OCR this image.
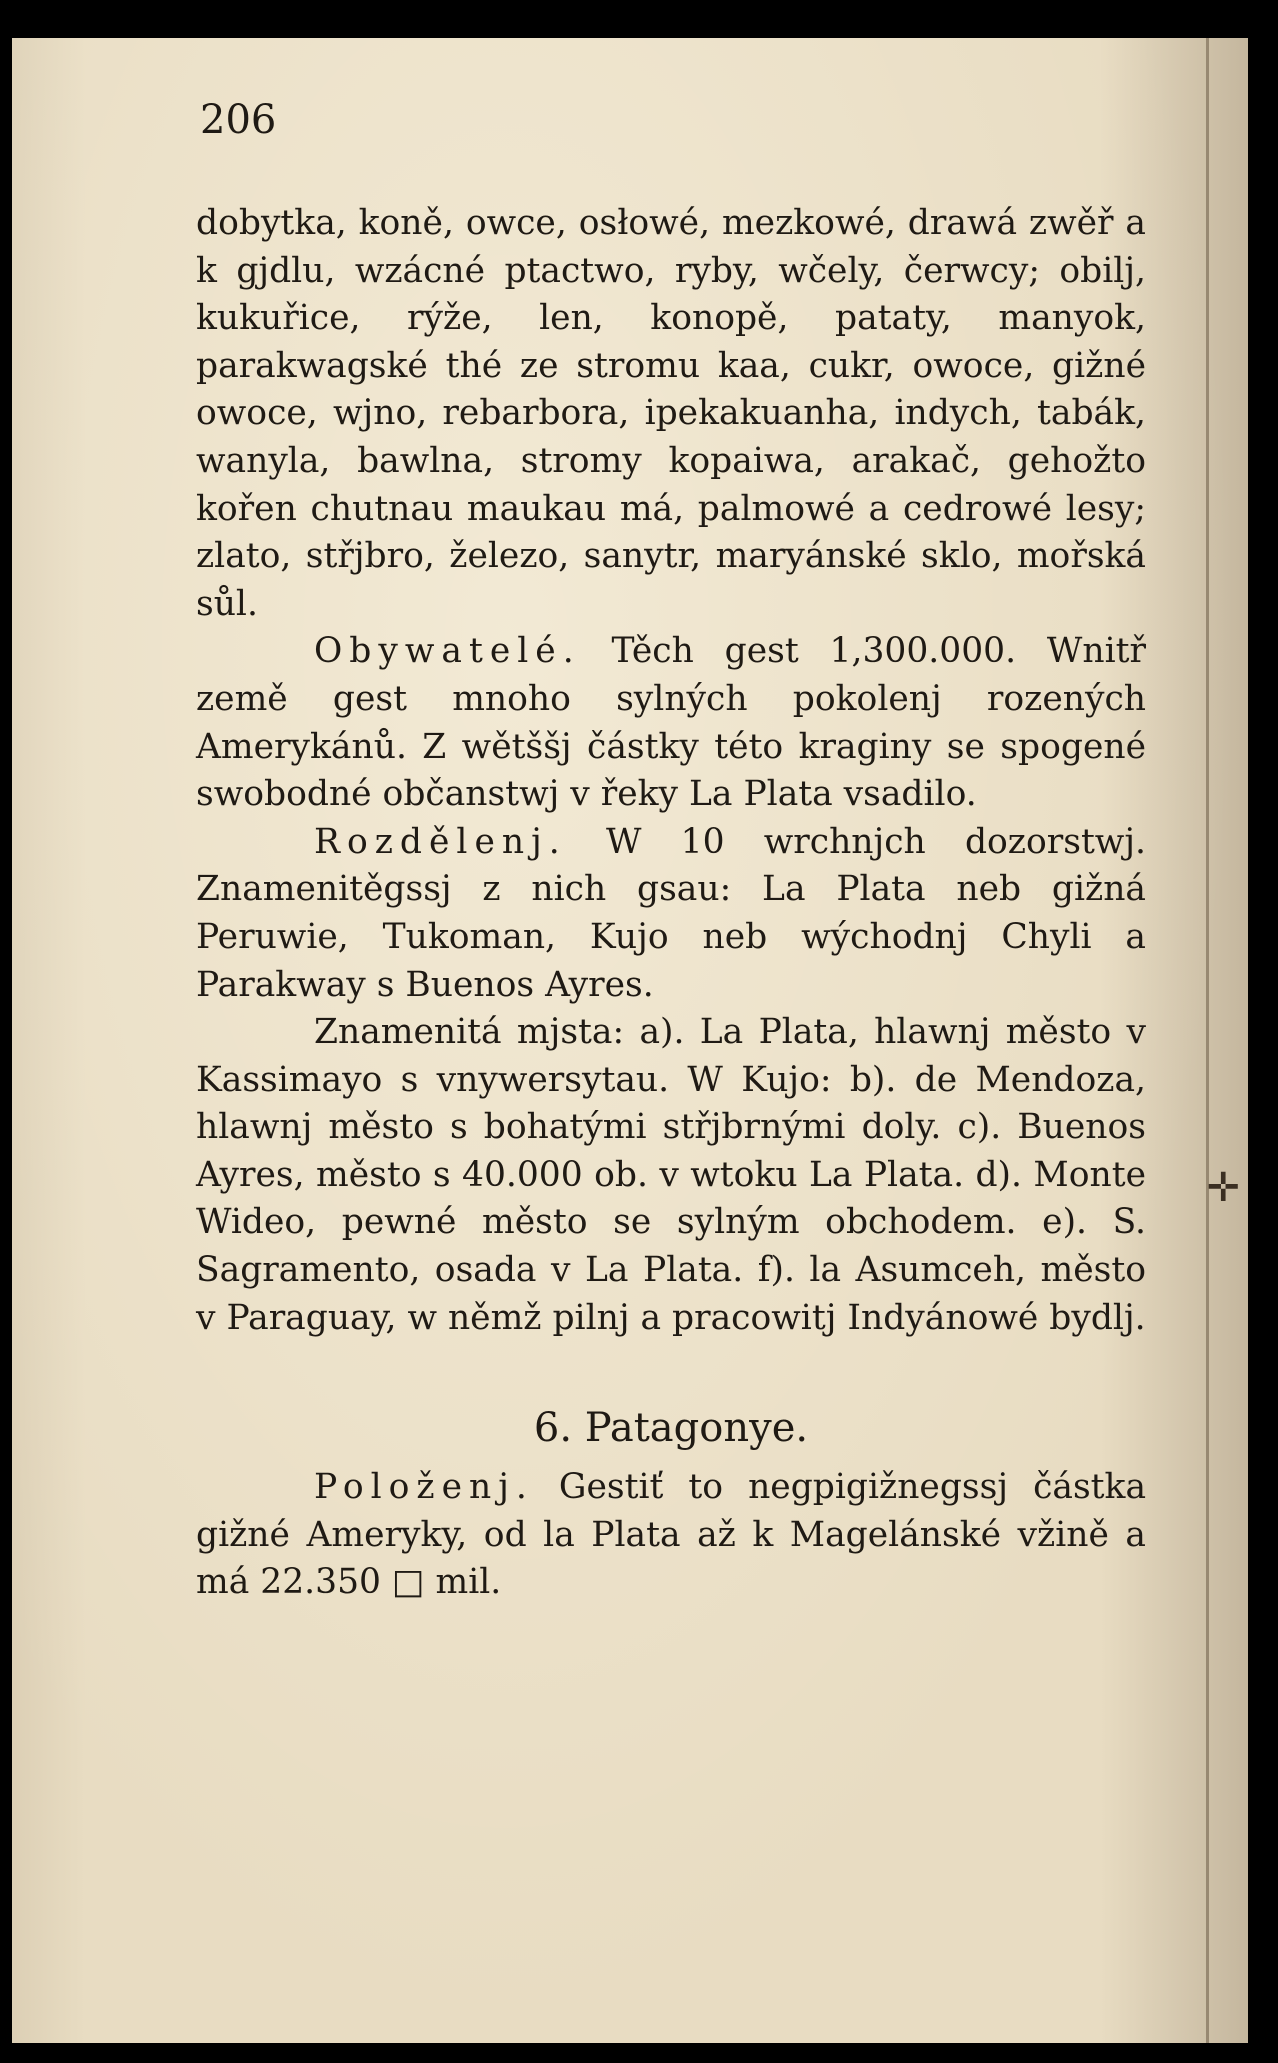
✛
206

dobytka, koně, owce, osłowé, mezkowé, drawá zwěř a k gjdlu, wzácné ptactwo, ryby, wčely, čerwcy; obilj, kukuřice, rýže, len, konopě, pataty, manyok, parakwagské thé ze stromu kaa, cukr, owoce, gižné owoce, wjno, rebarbora, ipekakuanha, indych, tabák, wanyla, bawlna, stromy kopaiwa, arakač, gehožto kořen chutnau maukau má, palmowé a cedrowé lesy; zlato, střjbro, železo, sanytr, maryánské sklo, mořská sůl.

Obywatelé. Těch gest 1,300.000. Wnitř země gest mnoho sylných pokolenj rozených Amerykánů. Z wětššj částky této kraginy se spogené swobodné občanstwj v řeky La Plata vsadilo.

Rozdělenj. W 10 wrchnjch dozorstwj. Znamenitěgssj z nich gsau: La Plata neb gižná Peruwie, Tukoman, Kujo neb wýchodnj Chyli a Parakway s Buenos Ayres.

Znamenitá mjsta: a). La Plata, hlawnj město v Kassimayo s vnywersytau. W Kujo: b). de Mendoza, hlawnj město s bohatými střjbrnými doly. c). Buenos Ayres, město s 40.000 ob. v wtoku La Plata. d). Monte Wideo, pewné město se sylným obchodem. e). S. Sagramento, osada v La Plata. f). la Asumceh, město v Paraguay, w němž pilnj a pracowitj Indyánowé bydlj.

6. Patagonye.

Položenj. Gestiť to negpigižnegssj částka gižné Ameryky, od la Plata až k Magelánské vžině a má 22.350 □ mil.
